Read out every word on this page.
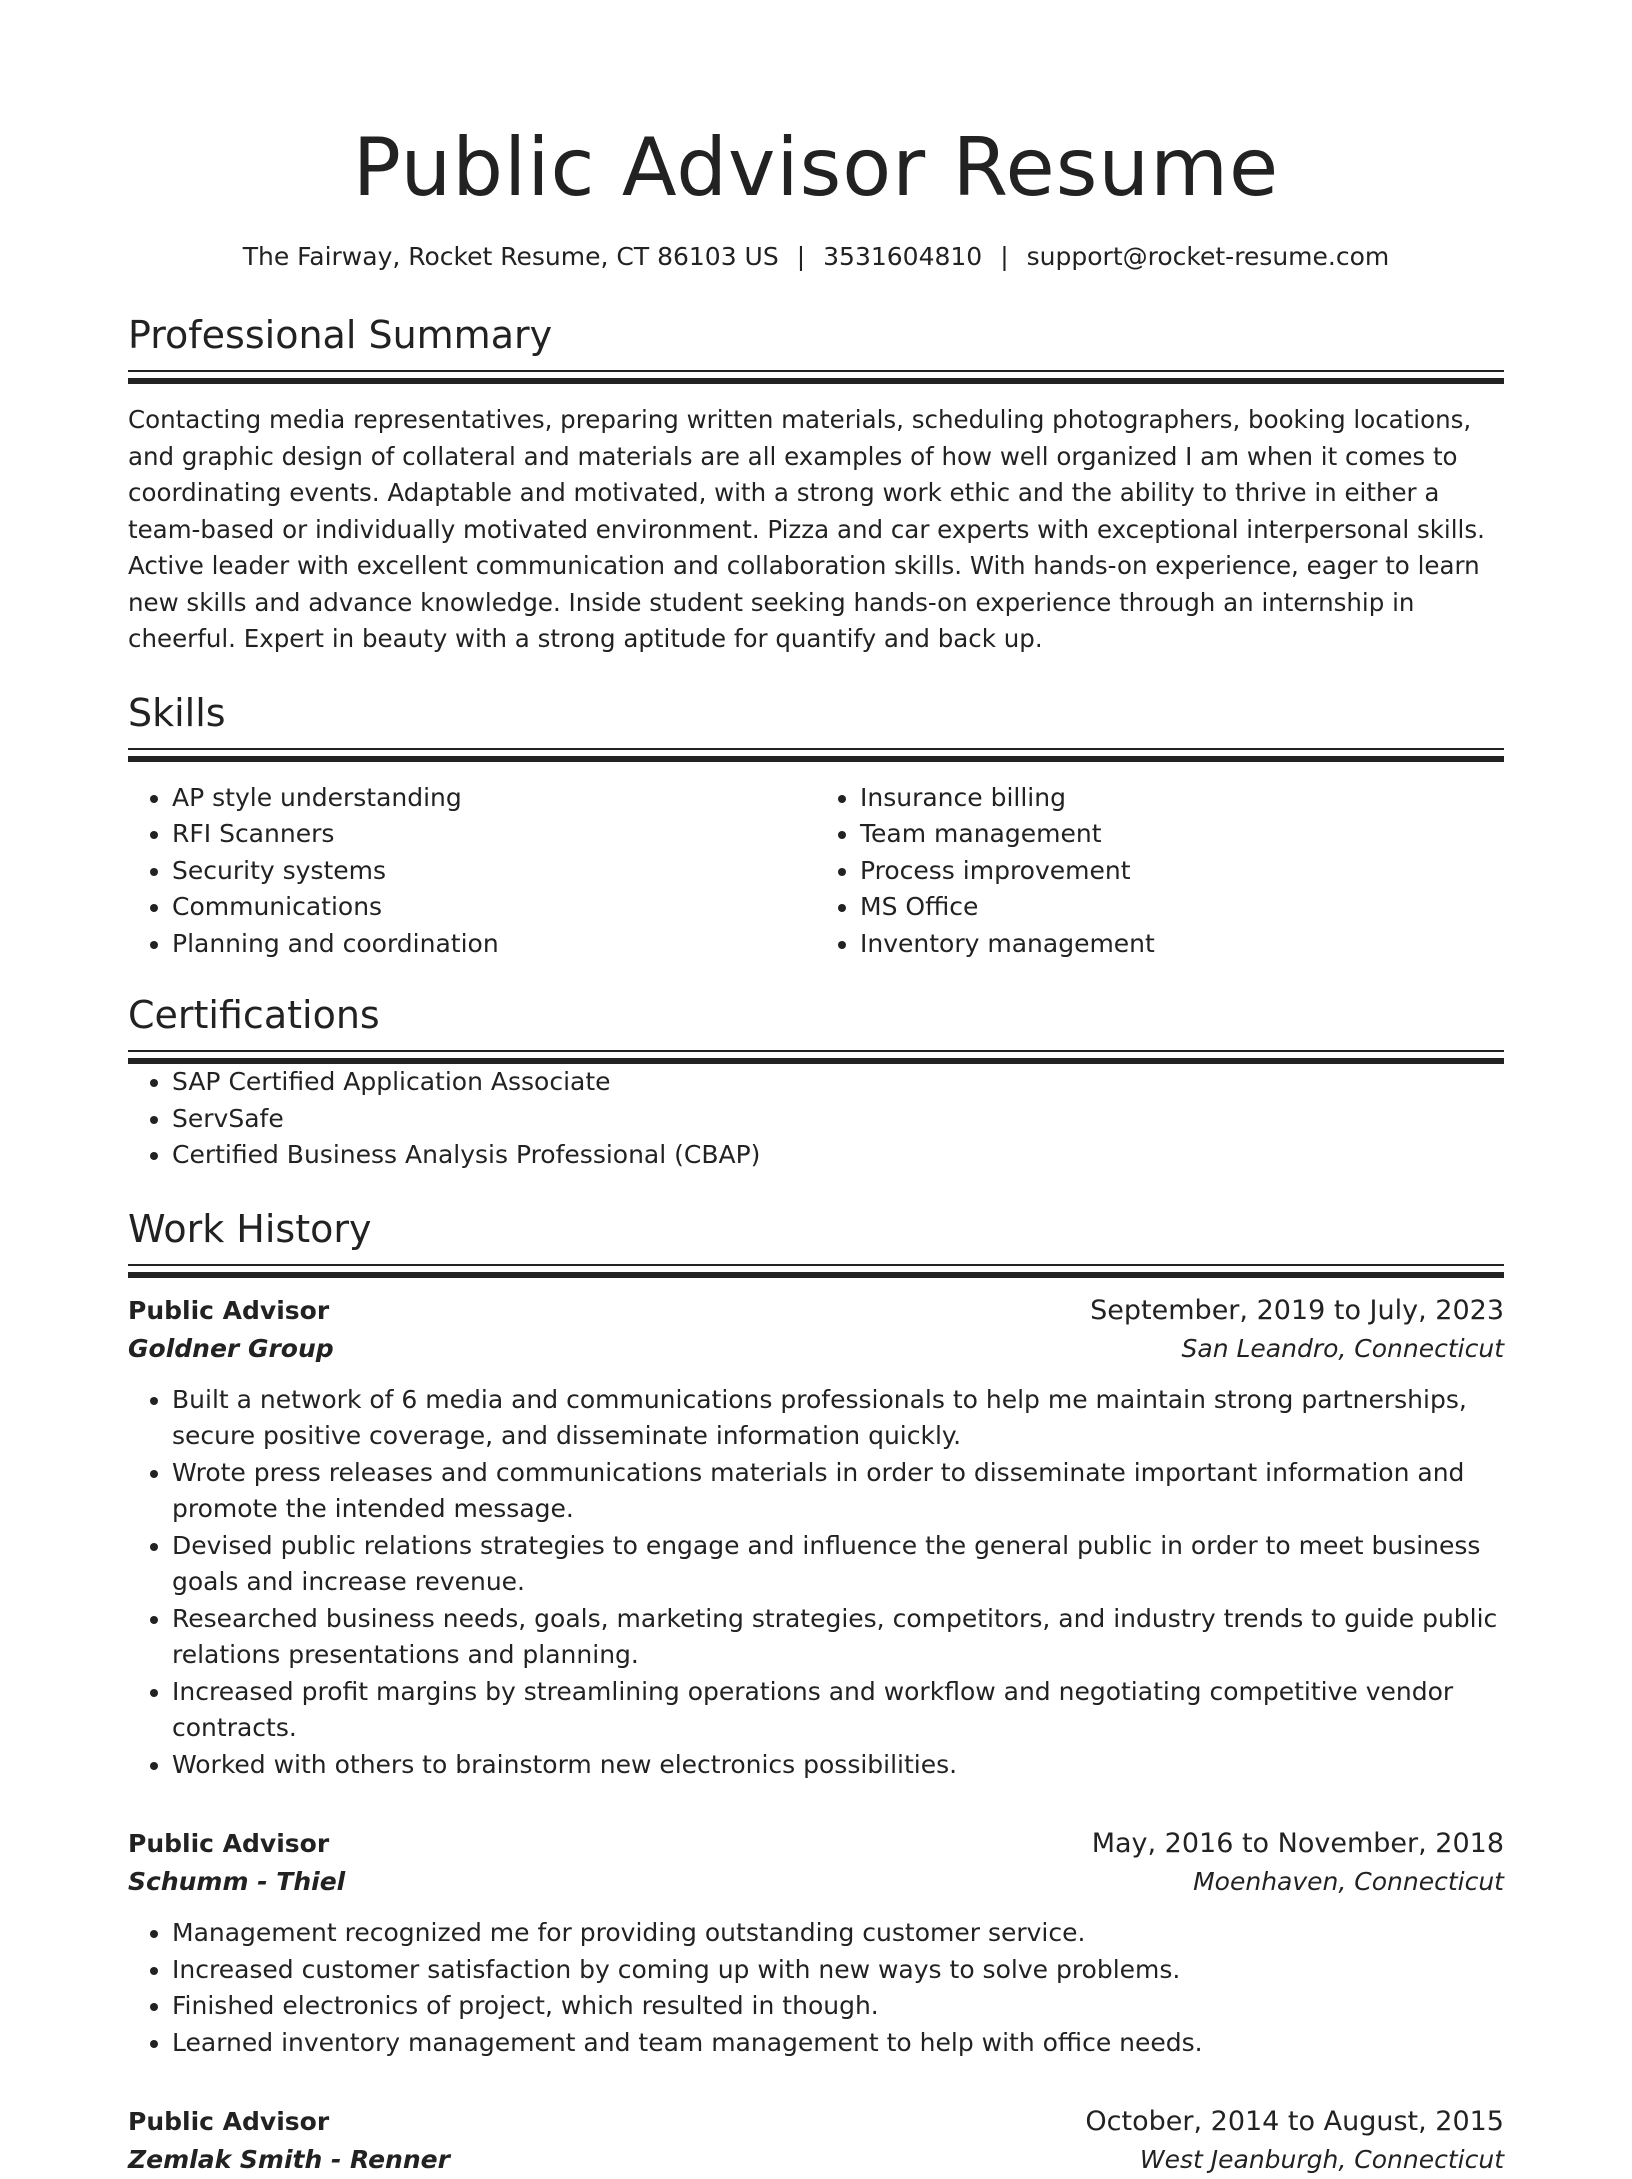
Public Advisor Resume
The Fairway, Rocket Resume, CT 86103 US | 3531604810 | support@rocket-resume.com
Professional Summary

Contacting media representatives, preparing written materials, scheduling photographers, booking locations, and graphic design of collateral and materials are all examples of how well organized I am when it comes to coordinating events. Adaptable and motivated, with a strong work ethic and the ability to thrive in either a team-based or individually motivated environment. Pizza and car experts with exceptional interpersonal skills. Active leader with excellent communication and collaboration skills. With hands-on experience, eager to learn new skills and advance knowledge. Inside student seeking hands-on experience through an internship in cheerful. Expert in beauty with a strong aptitude for quantify and back up.

Skills
• AP style understanding
• RFI Scanners
• Security systems
• Communications
• Planning and coordination
• Insurance billing
• Team management
• Process improvement
• MS Office
• Inventory management
Certifications
• SAP Certified Application Associate
• ServSafe
• Certified Business Analysis Professional (CBAP)
Work History
Public Advisor	September, 2019 to July, 2023
Goldner Group	San Leandro, Connecticut
• Built a network of 6 media and communications professionals to help me maintain strong partnerships, secure positive coverage, and disseminate information quickly.
• Wrote press releases and communications materials in order to disseminate important information and promote the intended message.
• Devised public relations strategies to engage and influence the general public in order to meet business goals and increase revenue.
• Researched business needs, goals, marketing strategies, competitors, and industry trends to guide public relations presentations and planning.
• Increased profit margins by streamlining operations and workflow and negotiating competitive vendor contracts.
• Worked with others to brainstorm new electronics possibilities.
Public Advisor	May, 2016 to November, 2018
Schumm - Thiel	Moenhaven, Connecticut
• Management recognized me for providing outstanding customer service.
• Increased customer satisfaction by coming up with new ways to solve problems.
• Finished electronics of project, which resulted in though.
• Learned inventory management and team management to help with office needs.
Public Advisor	October, 2014 to August, 2015
Zemlak Smith - Renner	West Jeanburgh, Connecticut
